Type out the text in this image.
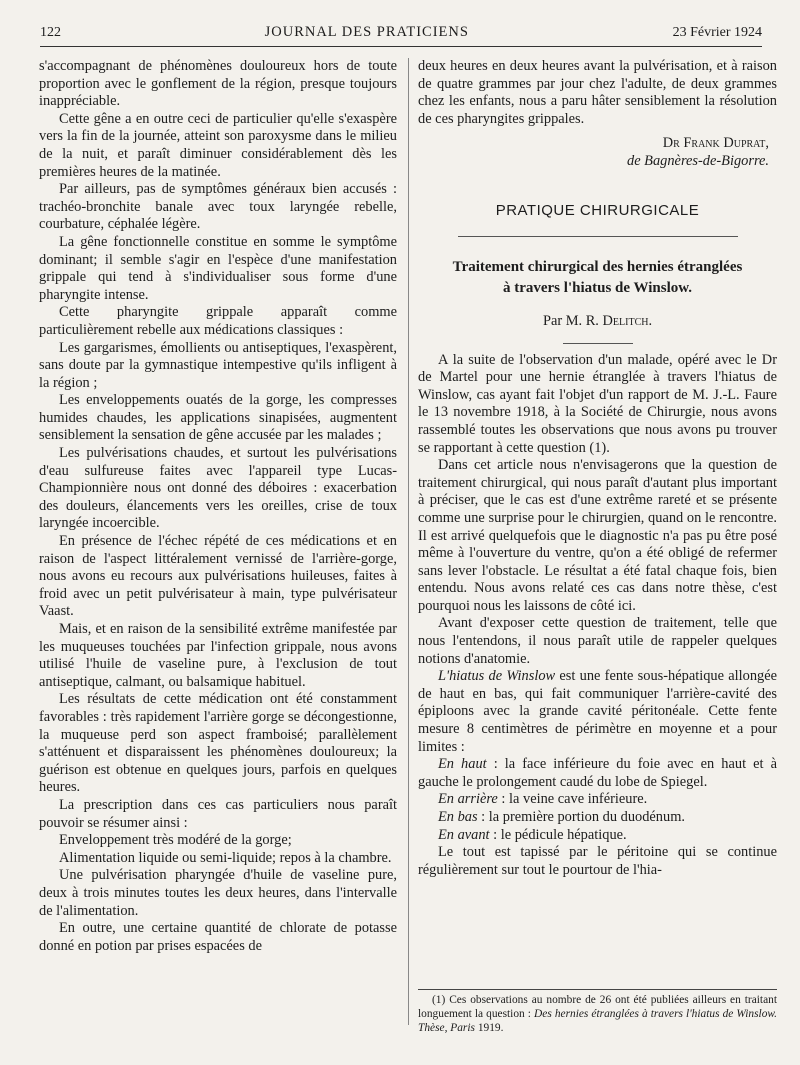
122	JOURNAL DES PRATICIENS	23 Février 1924

s'accompagnant de phénomènes douloureux hors de toute proportion avec le gonflement de la région, presque toujours inappréciable.

Cette gêne a en outre ceci de particulier qu'elle s'exaspère vers la fin de la journée, atteint son paroxysme dans le milieu de la nuit, et paraît diminuer considérablement dès les premières heures de la matinée.

Par ailleurs, pas de symptômes généraux bien accusés : trachéo-bronchite banale avec toux laryngée rebelle, courbature, céphalée légère.

La gêne fonctionnelle constitue en somme le symptôme dominant; il semble s'agir en l'espèce d'une manifestation grippale qui tend à s'individualiser sous forme d'une pharyngite intense.

Cette pharyngite grippale apparaît comme particulièrement rebelle aux médications classiques :

Les gargarismes, émollients ou antiseptiques, l'exaspèrent, sans doute par la gymnastique intempestive qu'ils infligent à la région ;

Les enveloppements ouatés de la gorge, les compresses humides chaudes, les applications sinapisées, augmentent sensiblement la sensation de gêne accusée par les malades ;

Les pulvérisations chaudes, et surtout les pulvérisations d'eau sulfureuse faites avec l'appareil type Lucas-Championnière nous ont donné des déboires : exacerbation des douleurs, élancements vers les oreilles, crise de toux laryngée incoercible.

En présence de l'échec répété de ces médications et en raison de l'aspect littéralement vernissé de l'arrière-gorge, nous avons eu recours aux pulvérisations huileuses, faites à froid avec un petit pulvérisateur à main, type pulvérisateur Vaast.

Mais, et en raison de la sensibilité extrême manifestée par les muqueuses touchées par l'infection grippale, nous avons utilisé l'huile de vaseline pure, à l'exclusion de tout antiseptique, calmant, ou balsamique habituel.

Les résultats de cette médication ont été constamment favorables : très rapidement l'arrière gorge se décongestionne, la muqueuse perd son aspect framboisé; parallèlement s'atténuent et disparaissent les phénomènes douloureux; la guérison est obtenue en quelques jours, parfois en quelques heures.

La prescription dans ces cas particuliers nous paraît pouvoir se résumer ainsi :

Enveloppement très modéré de la gorge;

Alimentation liquide ou semi-liquide; repos à la chambre.

Une pulvérisation pharyngée d'huile de vaseline pure, deux à trois minutes toutes les deux heures, dans l'intervalle de l'alimentation.

En outre, une certaine quantité de chlorate de potasse donné en potion par prises espacées de

deux heures en deux heures avant la pulvérisation, et à raison de quatre grammes par jour chez l'adulte, de deux grammes chez les enfants, nous a paru hâter sensiblement la résolution de ces pharyngites grippales.

Dr Frank Duprat,
de Bagnères-de-Bigorre.
PRATIQUE CHIRURGICALE
Traitement chirurgical des hernies étranglées
à travers l'hiatus de Winslow.
Par M. R. Delitch.

A la suite de l'observation d'un malade, opéré avec le Dr de Martel pour une hernie étranglée à travers l'hiatus de Winslow, cas ayant fait l'objet d'un rapport de M. J.-L. Faure le 13 novembre 1918, à la Société de Chirurgie, nous avons rassemblé toutes les observations que nous avons pu trouver se rapportant à cette question (1).

Dans cet article nous n'envisagerons que la question de traitement chirurgical, qui nous paraît d'autant plus important à préciser, que le cas est d'une extrême rareté et se présente comme une surprise pour le chirurgien, quand on le rencontre. Il est arrivé quelquefois que le diagnostic n'a pas pu être posé même à l'ouverture du ventre, qu'on a été obligé de refermer sans lever l'obstacle. Le résultat a été fatal chaque fois, bien entendu. Nous avons relaté ces cas dans notre thèse, c'est pourquoi nous les laissons de côté ici.

Avant d'exposer cette question de traitement, telle que nous l'entendons, il nous paraît utile de rappeler quelques notions d'anatomie.

L'hiatus de Winslow est une fente sous-hépatique allongée de haut en bas, qui fait communiquer l'arrière-cavité des épiploons avec la grande cavité péritonéale. Cette fente mesure 8 centimètres de périmètre en moyenne et a pour limites :

En haut : la face inférieure du foie avec en haut et à gauche le prolongement caudé du lobe de Spiegel.

En arrière : la veine cave inférieure.

En bas : la première portion du duodénum.

En avant : le pédicule hépatique.

Le tout est tapissé par le péritoine qui se continue régulièrement sur tout le pourtour de l'hia-

(1) Ces observations au nombre de 26 ont été publiées ailleurs en traitant longuement la question : Des hernies étranglées à travers l'hiatus de Winslow. Thèse, Paris 1919.
